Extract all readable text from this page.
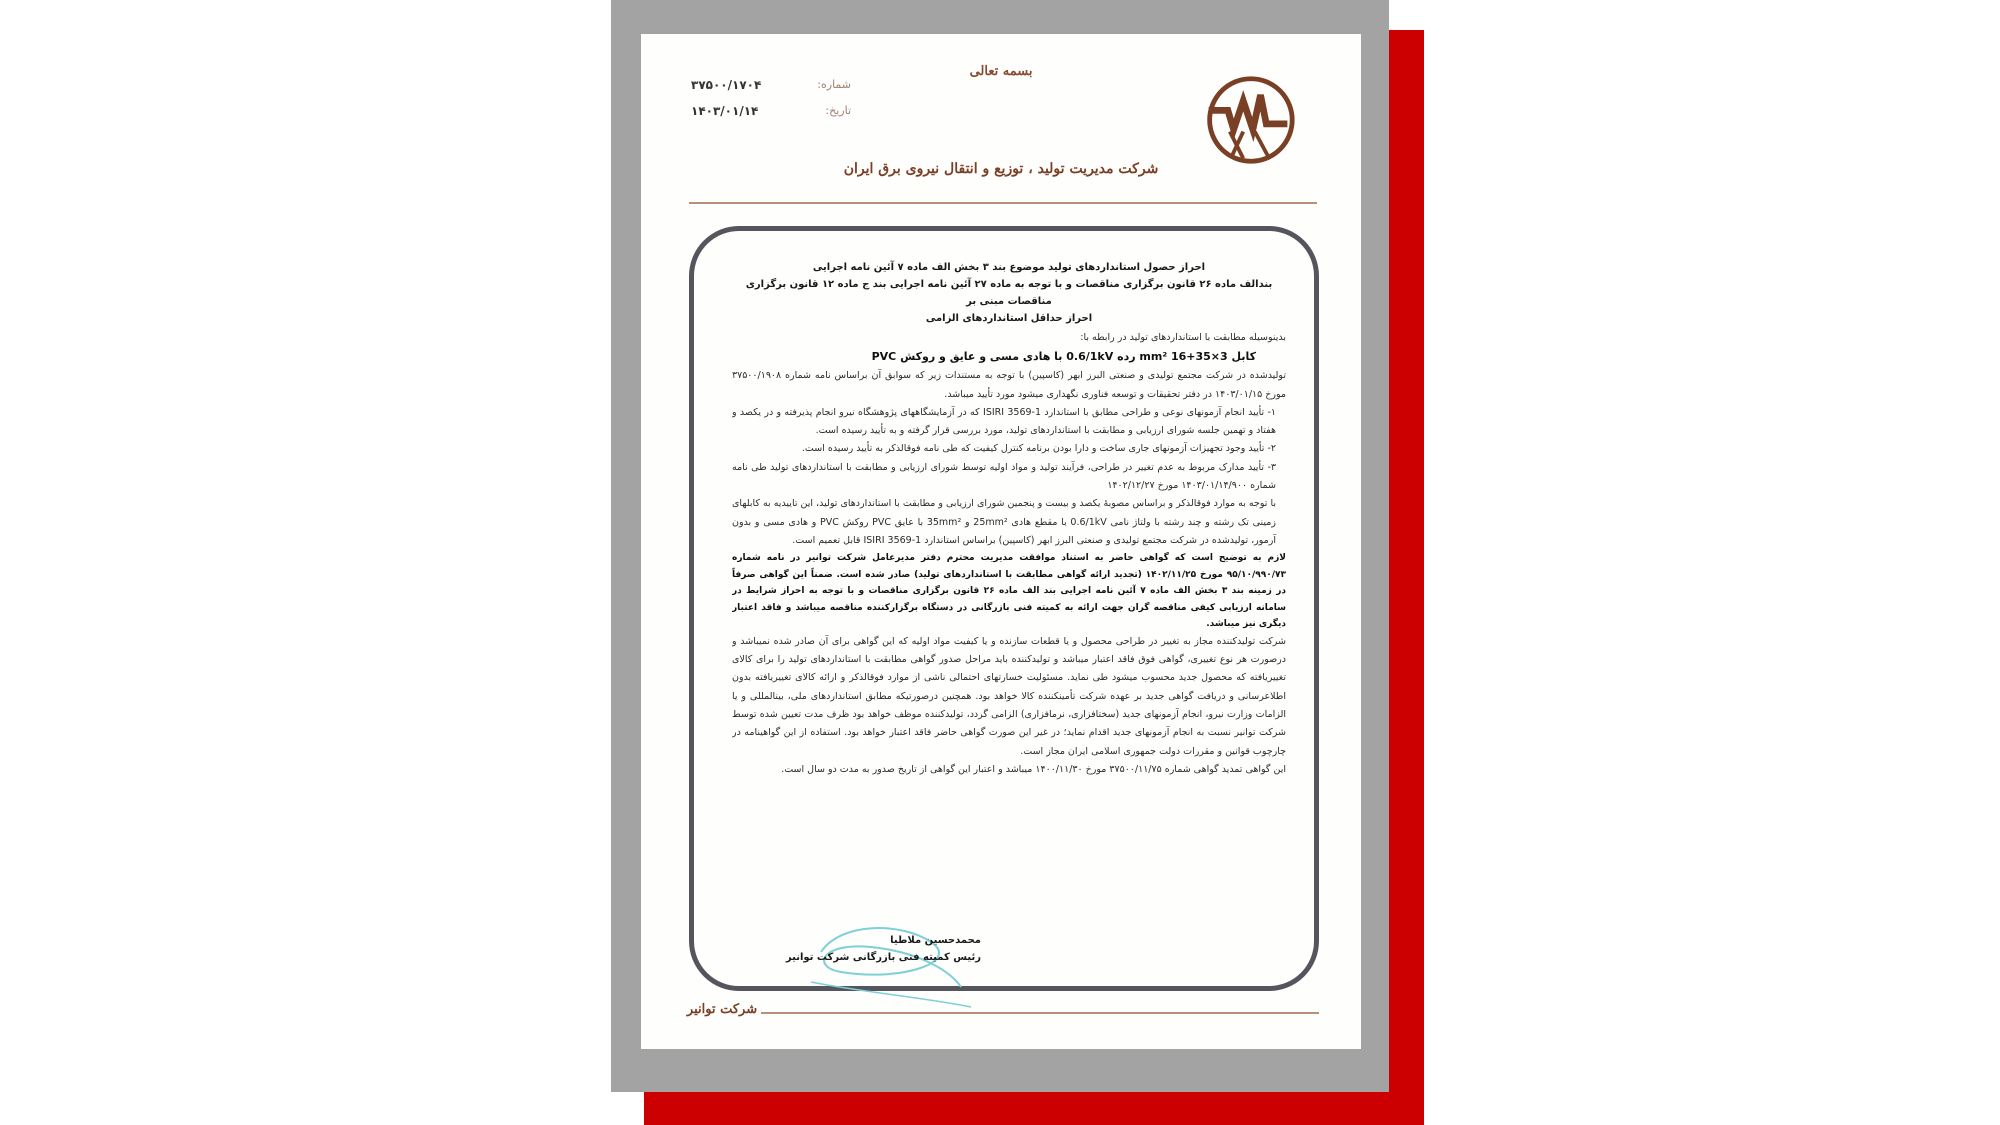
بسمه تعالی
شماره:
۳۷۵۰۰/۱۷۰۴
تاریخ:
۱۴۰۳/۰۱/۱۴
شرکت مدیریت تولید ، توزیع و انتقال نیروی برق ایران
احراز حصول استانداردهای تولید موضوع بند ۳ بخش الف ماده ۷ آئین نامه اجرایی
بندالف ماده ۲۶ قانون برگزاری مناقصات و با توجه به ماده ۲۷ آئین نامه اجرایی بند ج ماده ۱۲ قانون برگزاری مناقصات مبنی بر
احراز حداقل استانداردهای الزامی

بدینوسیله مطابقت با استانداردهای تولید در رابطه با:

کابل mm² 16+35×3 رده 0.6/1kV با هادی مسی و عایق و روکش PVC

تولیدشده در شرکت مجتمع تولیدی و صنعتی البرز ابهر (کاسپین) با توجه به مستندات زیر که سوابق آن براساس نامه شماره ۳۷۵۰۰/۱۹۰۸ مورخ ۱۴۰۳/۰۱/۱۵ در دفتر تحقیقات و توسعه فناوری نگهداری میشود مورد تأیید میباشد.

۱- تأیید انجام آزمونهای نوعی و طراحی مطابق با استاندارد ISIRI 3569-1 که در آزمایشگاههای پژوهشگاه نیرو انجام پذیرفته و در یکصد و هفتاد و تهمین جلسه شورای ارزیابی و مطابقت با استانداردهای تولید، مورد بررسی قرار گرفته و به تأیید رسیده است.

۲- تأیید وجود تجهیزات آزمونهای جاری ساخت و دارا بودن برنامه کنترل کیفیت که طی نامه فوقالذکر به تأیید رسیده است.

۳- تأیید مدارک مربوط به عدم تغییر در طراحی، فرآیند تولید و مواد اولیه توسط شورای ارزیابی و مطابقت با استانداردهای تولید طی نامه شماره ۱۴۰۳/۰۱/۱۴/۹۰۰ مورخ ۱۴۰۲/۱۲/۲۷

با توجه به موارد فوقالذکر و براساس مصوبۀ یکصد و بیست و پنجمین شورای ارزیابی و مطابقت با استانداردهای تولید، این تاییدیه به کابلهای زمینی تک رشته و چند رشته با ولتاژ نامی 0.6/1kV با مقطع هادی 25mm² و 35mm² با عایق PVC روکش PVC و هادی مسی و بدون آرمور، تولیدشده در شرکت مجتمع تولیدی و صنعتی البرز ابهر (کاسپین) براساس استاندارد ISIRI 3569-1 قابل تعمیم است.

لازم به توضیح است که گواهی حاضر به استناد موافقت مدیریت محترم دفتر مدیرعامل شرکت توانیر در نامه شماره ۹۵/۱۰/۹۹۰/۷۳ مورخ ۱۴۰۲/۱۱/۲۵ (تجدید ارائه گواهی مطابقت با استانداردهای تولید) صادر شده است. ضمناً این گواهی صرفاً در زمینه بند ۳ بخش الف ماده ۷ آئین نامه اجرایی بند الف ماده ۲۶ قانون برگزاری مناقصات و با توجه به احراز شرایط در سامانه ارزیابی کیفی مناقصه گران جهت ارائه به کمیته فنی بازرگانی در دستگاه برگزارکننده مناقصه میباشد و فاقد اعتبار دیگری نیز میباشد.

شرکت تولیدکننده مجاز به تغییر در طراحی محصول و یا قطعات سازنده و یا کیفیت مواد اولیه که این گواهی برای آن صادر شده نمیباشد و درصورت هر نوع تغییری، گواهی فوق فاقد اعتبار میباشد و تولیدکننده باید مراحل صدور گواهی مطابقت با استانداردهای تولید را برای کالای تغییریافته که محصول جدید محسوب میشود طی نماید. مسئولیت خسارتهای احتمالی ناشی از موارد فوقالذکر و ارائه کالای تغییریافته بدون اطلاعرسانی و دریافت گواهی جدید بر عهده شرکت تأمینکننده کالا خواهد بود. همچنین درصورتیکه مطابق استانداردهای ملی، بینالمللی و یا الزامات وزارت نیرو، انجام آزمونهای جدید (سختافزاری، نرمافزاری) الزامی گردد، تولیدکننده موظف خواهد بود ظرف مدت تعیین شده توسط شرکت توانیر نسبت به انجام آزمونهای جدید اقدام نماید؛ در غیر این صورت گواهی حاضر فاقد اعتبار خواهد بود. استفاده از این گواهینامه در چارچوب قوانین و مقررات دولت جمهوری اسلامی ایران مجاز است.

این گواهی تمدید گواهی شماره ۳۷۵۰۰/۱۱/۷۵ مورخ ۱۴۰۰/۱۱/۳۰ میباشد و اعتبار این گواهی از تاریخ صدور به مدت دو سال است.

محمدحسین ملاطیا
رئیس کمیته فنی بازرگانی شرکت توانیر
شرکت توانیر
